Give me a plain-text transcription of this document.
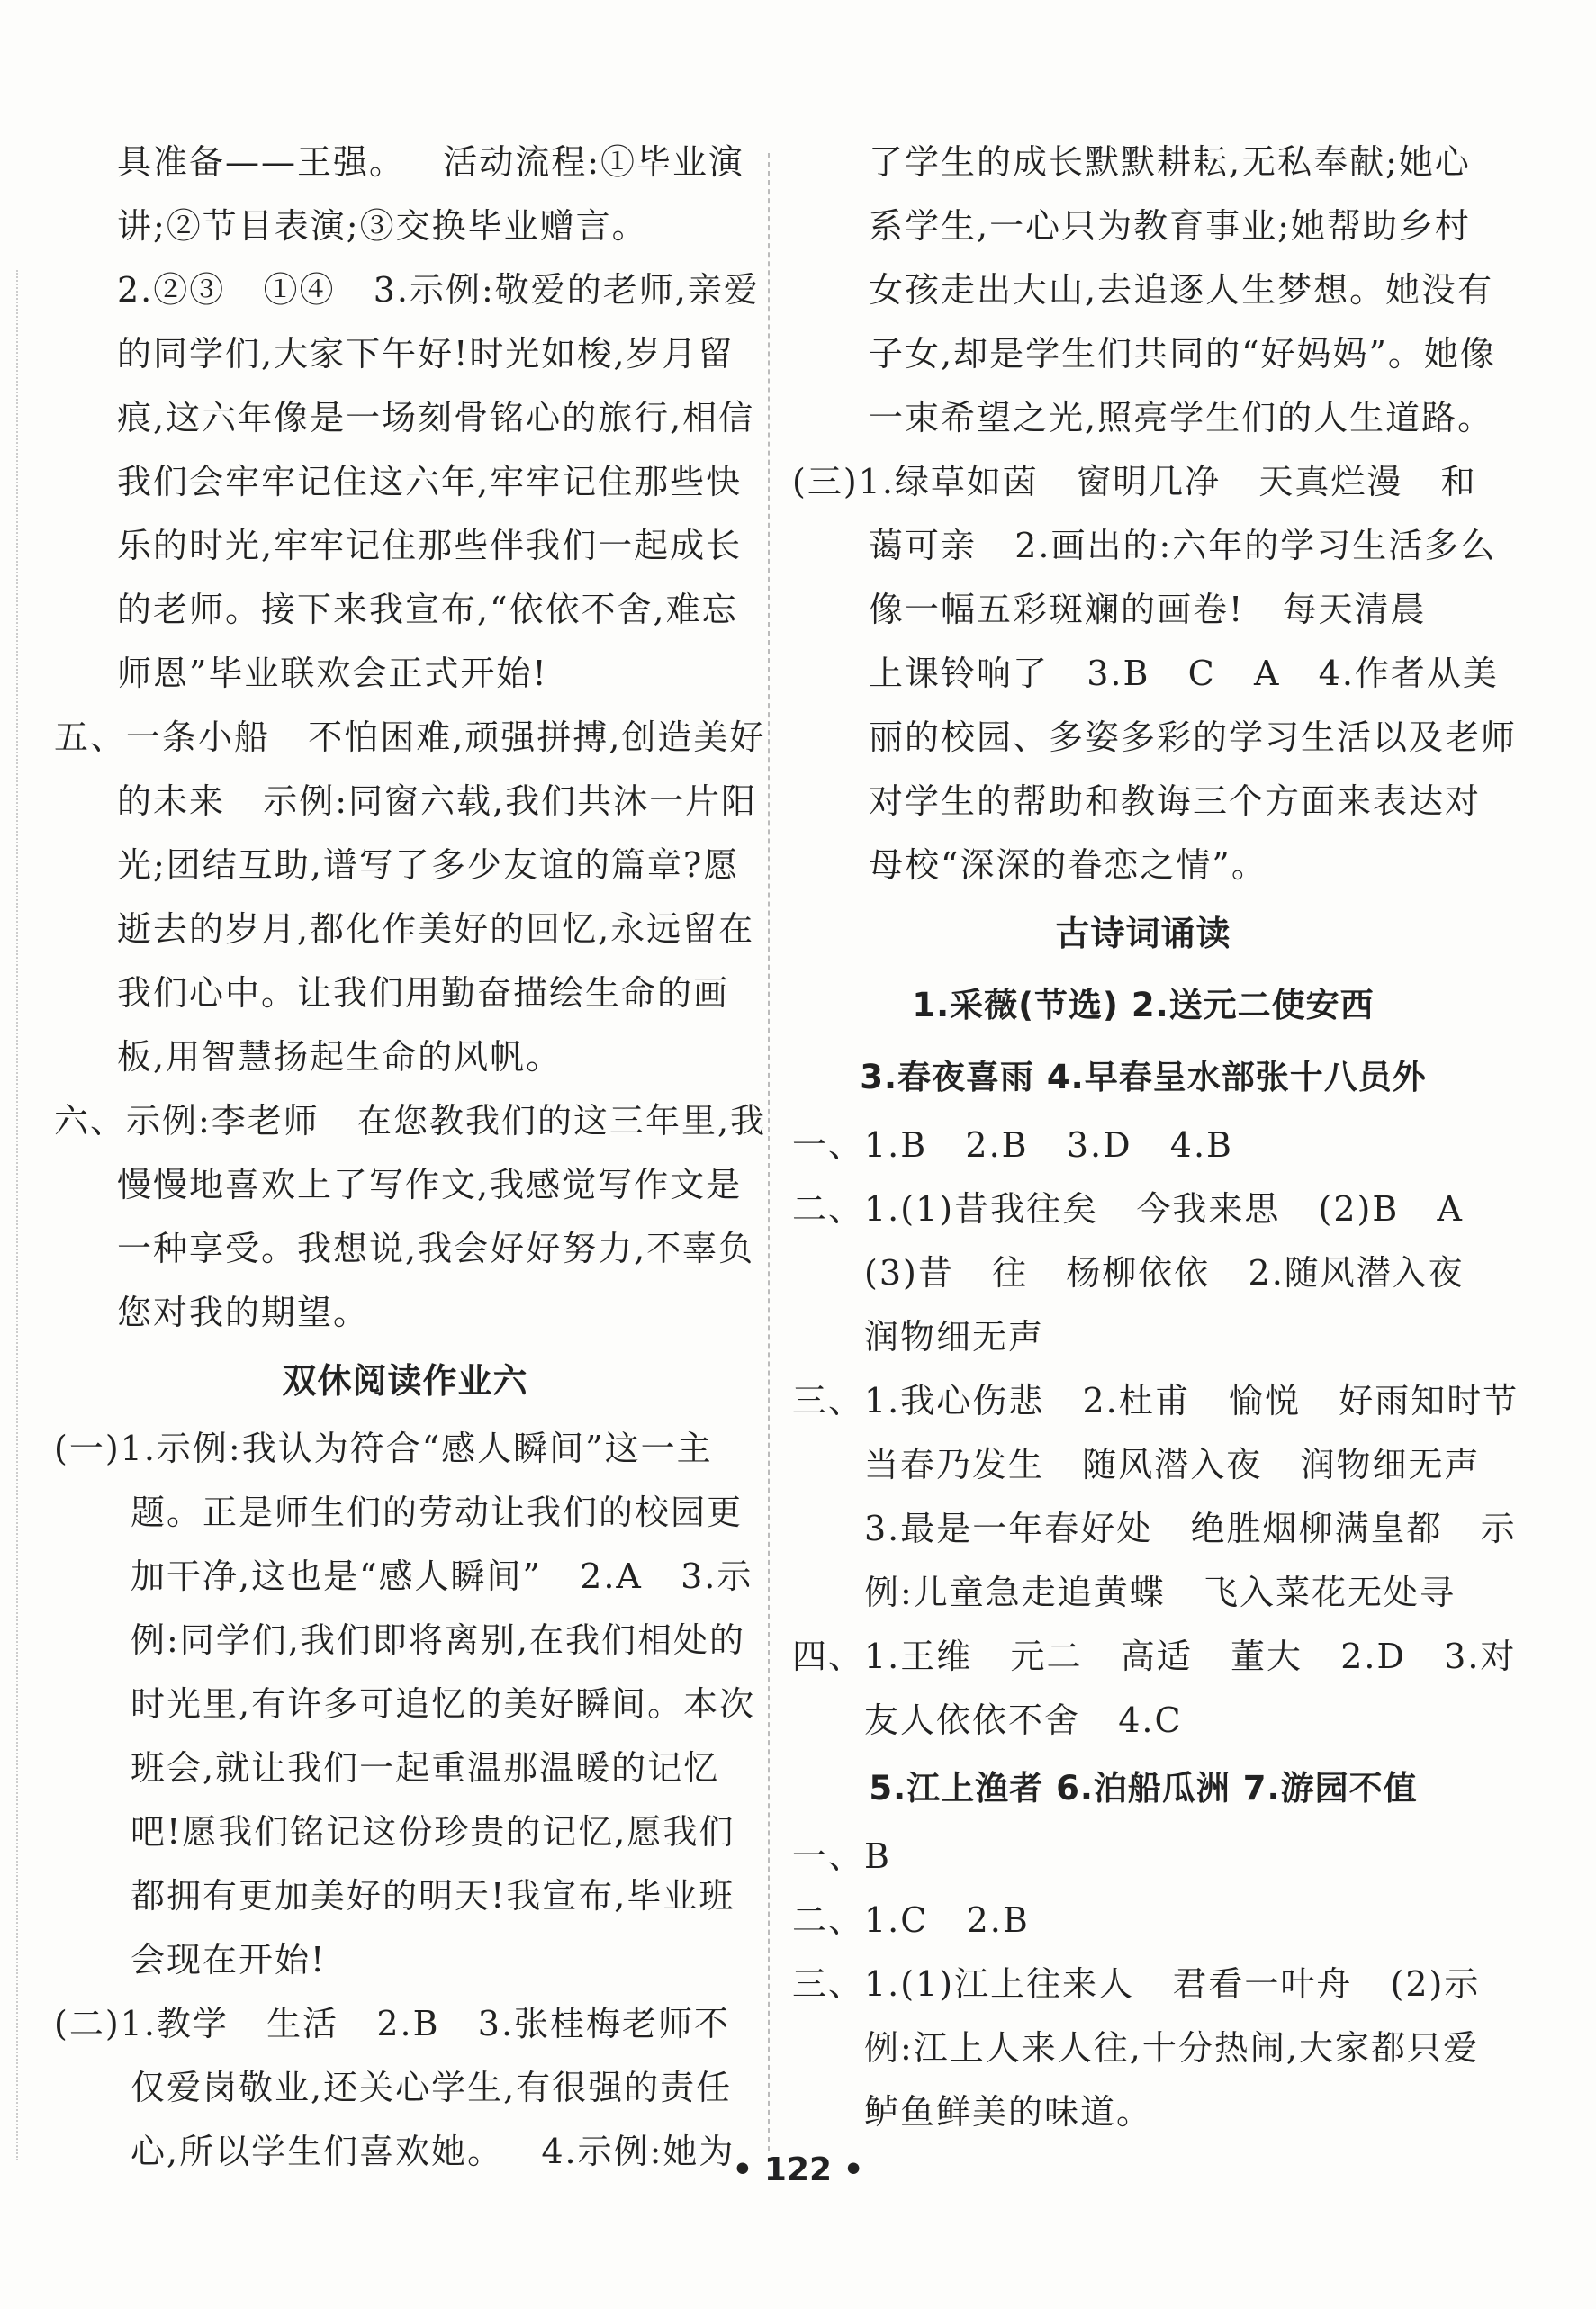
具准备——王强。   活动流程:①毕业演
讲;②节目表演;③交换毕业赠言。
2.②③   ①④   3.示例:敬爱的老师,亲爱
的同学们,大家下午好!时光如梭,岁月留
痕,这六年像是一场刻骨铭心的旅行,相信
我们会牢牢记住这六年,牢牢记住那些快
乐的时光,牢牢记住那些伴我们一起成长
的老师。接下来我宣布,“依依不舍,难忘
师恩”毕业联欢会正式开始!
五、一条小船   不怕困难,顽强拼搏,创造美好
的未来   示例:同窗六载,我们共沐一片阳
光;团结互助,谱写了多少友谊的篇章?愿
逝去的岁月,都化作美好的回忆,永远留在
我们心中。让我们用勤奋描绘生命的画
板,用智慧扬起生命的风帆。
六、示例:李老师   在您教我们的这三年里,我
慢慢地喜欢上了写作文,我感觉写作文是
一种享受。我想说,我会好好努力,不辜负
您对我的期望。
双休阅读作业六
(一)1.示例:我认为符合“感人瞬间”这一主
题。正是师生们的劳动让我们的校园更
加干净,这也是“感人瞬间”   2.A   3.示
例:同学们,我们即将离别,在我们相处的
时光里,有许多可追忆的美好瞬间。本次
班会,就让我们一起重温那温暖的记忆
吧!愿我们铭记这份珍贵的记忆,愿我们
都拥有更加美好的明天!我宣布,毕业班
会现在开始!
(二)1.教学   生活   2.B   3.张桂梅老师不
仅爱岗敬业,还关心学生,有很强的责任
心,所以学生们喜欢她。   4.示例:她为
了学生的成长默默耕耘,无私奉献;她心
系学生,一心只为教育事业;她帮助乡村
女孩走出大山,去追逐人生梦想。她没有
子女,却是学生们共同的“好妈妈”。她像
一束希望之光,照亮学生们的人生道路。
(三)1.绿草如茵   窗明几净   天真烂漫   和
蔼可亲   2.画出的:六年的学习生活多么
像一幅五彩斑斓的画卷!   每天清晨
上课铃响了   3.B   C   A   4.作者从美
丽的校园、多姿多彩的学习生活以及老师
对学生的帮助和教诲三个方面来表达对
母校“深深的眷恋之情”。
古诗词诵读
1.采薇(节选) 2.送元二使安西
3.春夜喜雨 4.早春呈水部张十八员外
一、1.B   2.B   3.D   4.B
二、1.(1)昔我往矣   今我来思   (2)B   A
(3)昔   往   杨柳依依   2.随风潜入夜
润物细无声
三、1.我心伤悲   2.杜甫   愉悦   好雨知时节
当春乃发生   随风潜入夜   润物细无声
3.最是一年春好处   绝胜烟柳满皇都   示
例:儿童急走追黄蝶   飞入菜花无处寻
四、1.王维   元二   高适   董大   2.D   3.对
友人依依不舍   4.C
5.江上渔者 6.泊船瓜洲 7.游园不值
一、B
二、1.C   2.B
三、1.(1)江上往来人   君看一叶舟   (2)示
例:江上人来人往,十分热闹,大家都只爱
鲈鱼鲜美的味道。
• 122 •
